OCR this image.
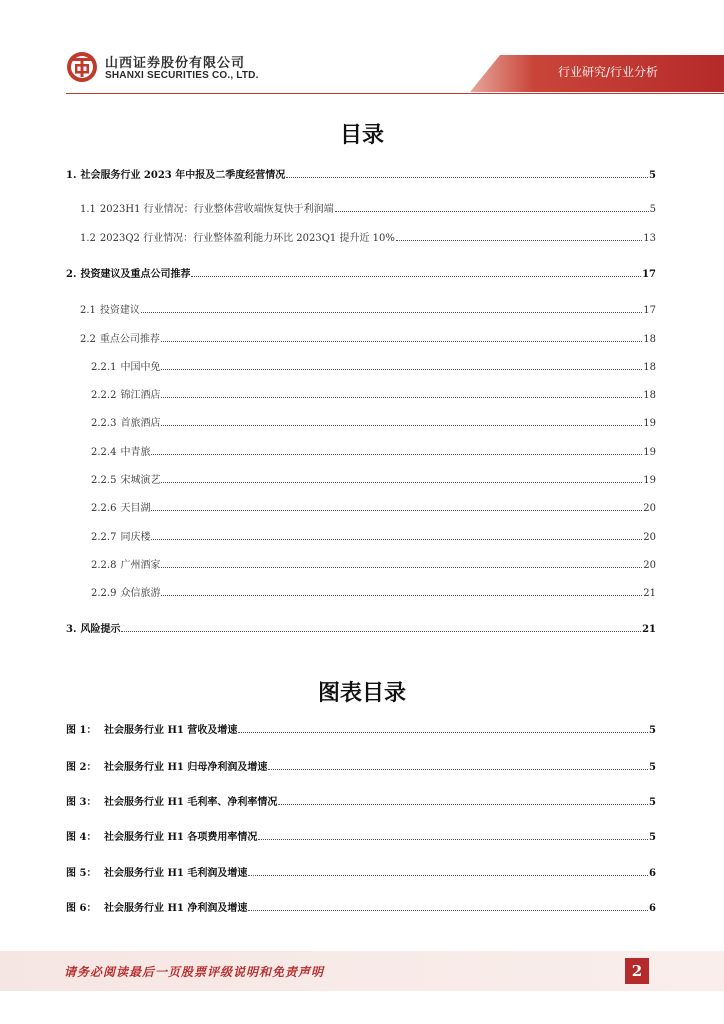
山西证券股份有限公司
SHANXI SECURITIES CO., LTD.	行业研究/行业分析
目录
1. 社会服务行业 2023 年中报及二季度经营情况	5
1.1 2023H1 行业情况：行业整体营收端恢复快于利润端	5
1.2 2023Q2 行业情况：行业整体盈利能力环比 2023Q1 提升近 10%	13
2. 投资建议及重点公司推荐	17
2.1 投资建议	17
2.2 重点公司推荐	18
2.2.1 中国中免	18
2.2.2 锦江酒店	18
2.2.3 首旅酒店	19
2.2.4 中青旅	19
2.2.5 宋城演艺	19
2.2.6 天目湖	20
2.2.7 同庆楼	20
2.2.8 广州酒家	20
2.2.9 众信旅游	21
3. 风险提示	21
图表目录
图 1： 社会服务行业 H1 营收及增速	5
图 2： 社会服务行业 H1 归母净利润及增速	5
图 3： 社会服务行业 H1 毛利率、净利率情况	5
图 4： 社会服务行业 H1 各项费用率情况	5
图 5： 社会服务行业 H1 毛利润及增速	6
图 6： 社会服务行业 H1 净利润及增速	6
请务必阅读最后一页股票评级说明和免责声明	2
